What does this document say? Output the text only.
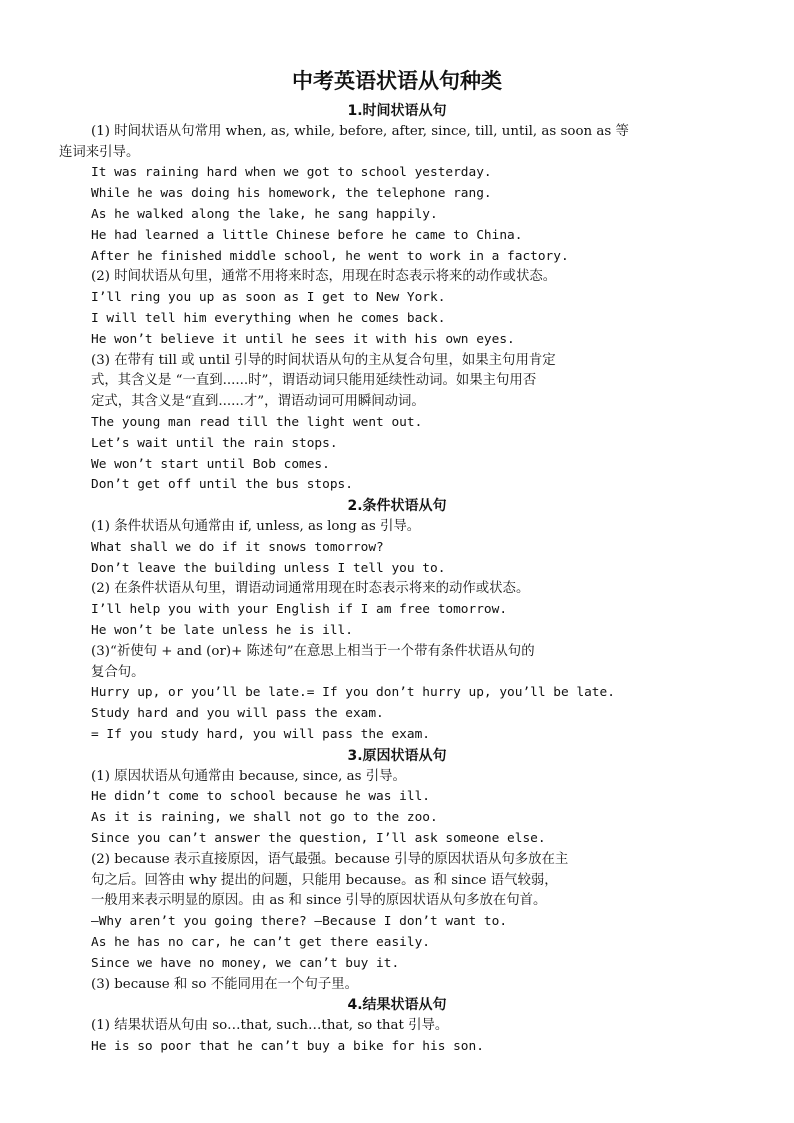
中考英语状语从句种类
1.时间状语从句
(1) 时间状语从句常用 when, as, while, before, after, since, till, until, as soon as 等
连词来引导。
It was raining hard when we got to school yesterday.
While he was doing his homework, the telephone rang.
As he walked along the lake, he sang happily.
He had learned a little Chinese before he came to China.
After he finished middle school, he went to work in a factory.
(2) 时间状语从句里，通常不用将来时态，用现在时态表示将来的动作或状态。
I’ll ring you up as soon as I get to New York.
I will tell him everything when he comes back.
He won’t believe it until he sees it with his own eyes.
(3) 在带有 till 或 until 引导的时间状语从句的主从复合句里，如果主句用肯定
式，其含义是 “一直到......时”，谓语动词只能用延续性动词。如果主句用否
定式，其含义是“直到......才”，谓语动词可用瞬间动词。
The young man read till the light went out.
Let’s wait until the rain stops.
We won’t start until Bob comes.
Don’t get off until the bus stops.
2.条件状语从句
(1) 条件状语从句通常由 if, unless, as long as 引导。
What shall we do if it snows tomorrow?
Don’t leave the building unless I tell you to.
(2) 在条件状语从句里，谓语动词通常用现在时态表示将来的动作或状态。
I’ll help you with your English if I am free tomorrow.
He won’t be late unless he is ill.
(3)“祈使句 + and (or)+ 陈述句”在意思上相当于一个带有条件状语从句的
复合句。
Hurry up, or you’ll be late.= If you don’t hurry up, you’ll be late.
Study hard and you will pass the exam.
= If you study hard, you will pass the exam.
3.原因状语从句
(1) 原因状语从句通常由 because, since, as 引导。
He didn’t come to school because he was ill.
As it is raining, we shall not go to the zoo.
Since you can’t answer the question, I’ll ask someone else.
(2) because 表示直接原因，语气最强。because 引导的原因状语从句多放在主
句之后。回答由 why 提出的问题，只能用 because。as 和 since 语气较弱，
一般用来表示明显的原因。由 as 和 since 引导的原因状语从句多放在句首。
—Why aren’t you going there? —Because I don’t want to.
As he has no car, he can’t get there easily.
Since we have no money, we can’t buy it.
(3) because 和 so 不能同用在一个句子里。
4.结果状语从句
(1) 结果状语从句由 so…that, such…that, so that 引导。
He is so poor that he can’t buy a bike for his son.
